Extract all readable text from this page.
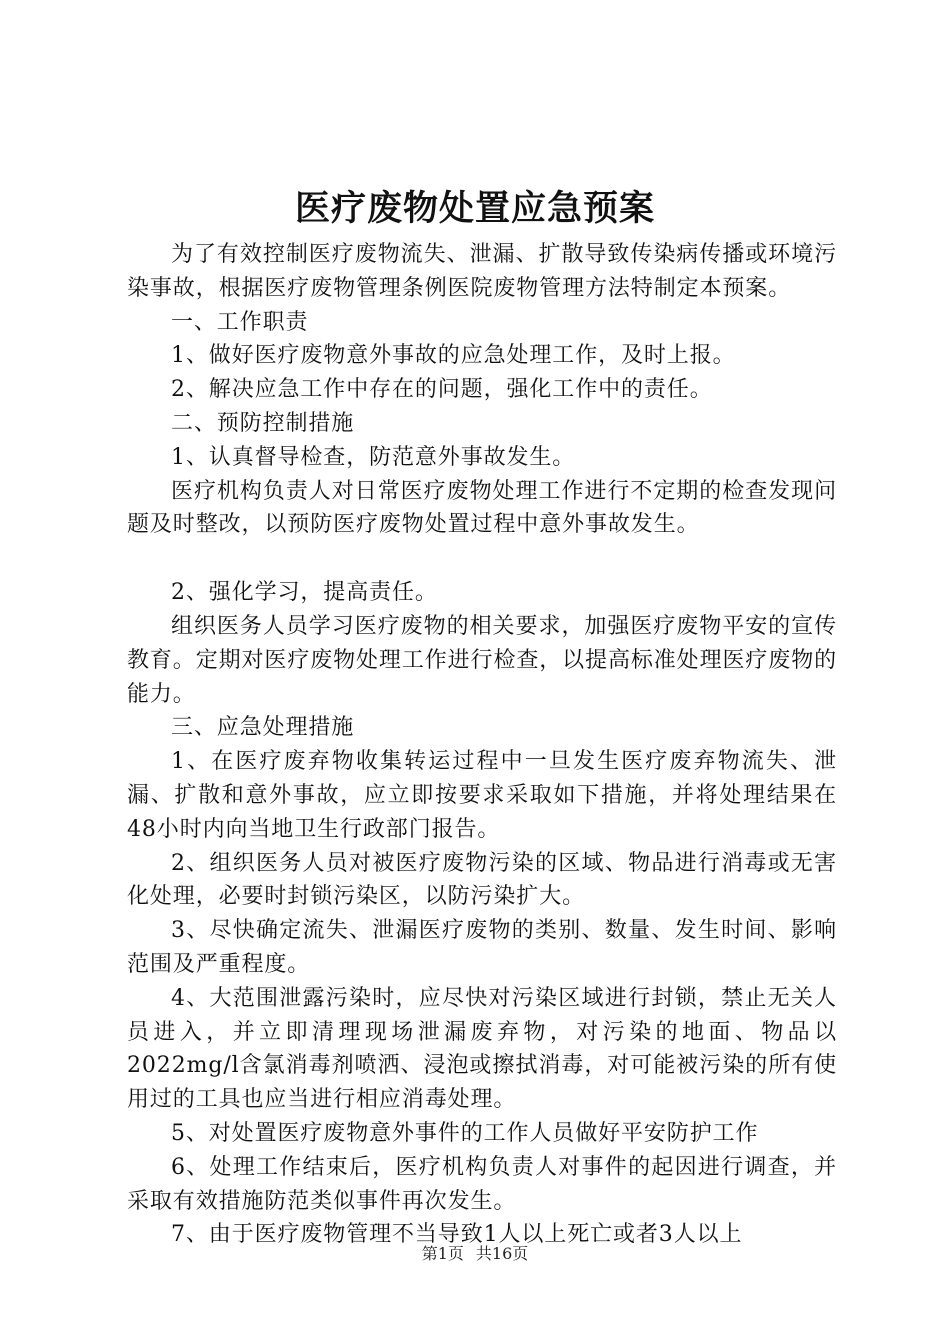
医疗废物处置应急预案

为了有效控制医疗废物流失、泄漏、扩散导致传染病传播或环境污染事故，根据医疗废物管理条例医院废物管理方法特制定本预案。

一、工作职责

1、做好医疗废物意外事故的应急处理工作，及时上报。

2、解决应急工作中存在的问题，强化工作中的责任。

二、预防控制措施

1、认真督导检查，防范意外事故发生。

医疗机构负责人对日常医疗废物处理工作进行不定期的检查发现问题及时整改，以预防医疗废物处置过程中意外事故发生。

2、强化学习，提高责任。

组织医务人员学习医疗废物的相关要求，加强医疗废物平安的宣传教育。定期对医疗废物处理工作进行检查，以提高标准处理医疗废物的能力。

三、应急处理措施

1、在医疗废弃物收集转运过程中一旦发生医疗废弃物流失、泄漏、扩散和意外事故，应立即按要求采取如下措施，并将处理结果在48小时内向当地卫生行政部门报告。

2、组织医务人员对被医疗废物污染的区域、物品进行消毒或无害化处理，必要时封锁污染区，以防污染扩大。

3、尽快确定流失、泄漏医疗废物的类别、数量、发生时间、影响范围及严重程度。

4、大范围泄露污染时，应尽快对污染区域进行封锁，禁止无关人员进入，并立即清理现场泄漏废弃物，对污染的地面、物品以2022mg/l含氯消毒剂喷洒、浸泡或擦拭消毒，对可能被污染的所有使用过的工具也应当进行相应消毒处理。

5、对处置医疗废物意外事件的工作人员做好平安防护工作

6、处理工作结束后，医疗机构负责人对事件的起因进行调查，并采取有效措施防范类似事件再次发生。

7、由于医疗废物管理不当导致1人以上死亡或者3人以上

第1页 共16页
